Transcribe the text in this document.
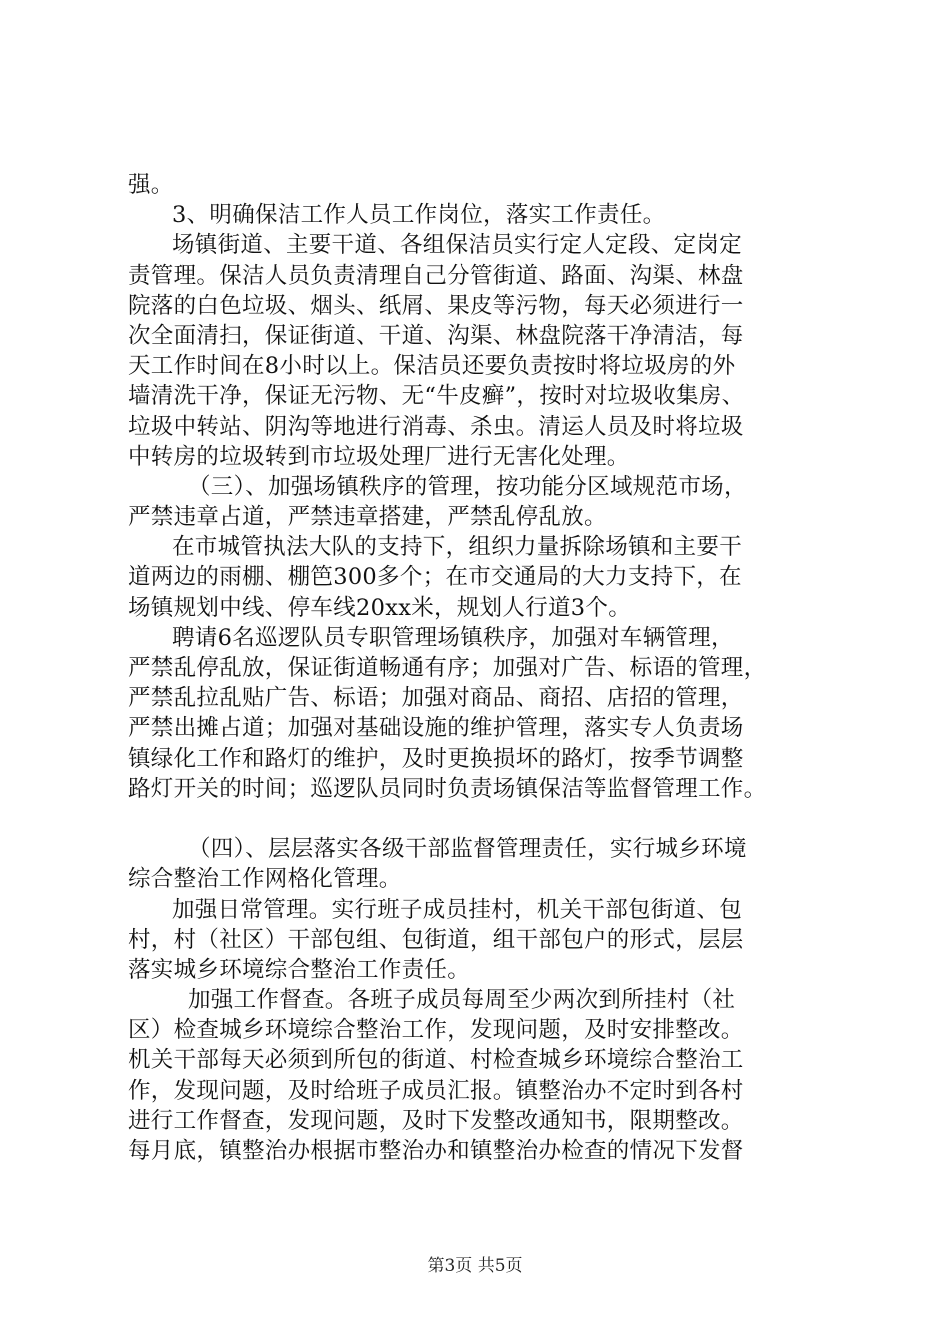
强。
3、明确保洁工作人员工作岗位，落实工作责任。
场镇街道、主要干道、各组保洁员实行定人定段、定岗定
责管理。保洁人员负责清理自己分管街道、路面、沟渠、林盘
院落的白色垃圾、烟头、纸屑、果皮等污物，每天必须进行一
次全面清扫，保证街道、干道、沟渠、林盘院落干净清洁，每
天工作时间在8小时以上。保洁员还要负责按时将垃圾房的外
墙清洗干净，保证无污物、无“牛皮癣”，按时对垃圾收集房、
垃圾中转站、阴沟等地进行消毒、杀虫。清运人员及时将垃圾
中转房的垃圾转到市垃圾处理厂进行无害化处理。
（三）、加强场镇秩序的管理，按功能分区域规范市场，
严禁违章占道，严禁违章搭建，严禁乱停乱放。
在市城管执法大队的支持下，组织力量拆除场镇和主要干
道两边的雨棚、棚笆300多个；在市交通局的大力支持下，在
场镇规划中线、停车线20xx米，规划人行道3个。
聘请6名巡逻队员专职管理场镇秩序，加强对车辆管理，
严禁乱停乱放，保证街道畅通有序；加强对广告、标语的管理，
严禁乱拉乱贴广告、标语；加强对商品、商招、店招的管理，
严禁出摊占道；加强对基础设施的维护管理，落实专人负责场
镇绿化工作和路灯的维护，及时更换损坏的路灯，按季节调整
路灯开关的时间；巡逻队员同时负责场镇保洁等监督管理工作。
（四）、层层落实各级干部监督管理责任，实行城乡环境
综合整治工作网格化管理。
加强日常管理。实行班子成员挂村，机关干部包街道、包
村，村（社区）干部包组、包街道，组干部包户的形式，层层
落实城乡环境综合整治工作责任。
加强工作督查。各班子成员每周至少两次到所挂村（社
区）检查城乡环境综合整治工作，发现问题，及时安排整改。
机关干部每天必须到所包的街道、村检查城乡环境综合整治工
作，发现问题，及时给班子成员汇报。镇整治办不定时到各村
进行工作督查，发现问题，及时下发整改通知书，限期整改。
每月底，镇整治办根据市整治办和镇整治办检查的情况下发督
第3页 共5页
